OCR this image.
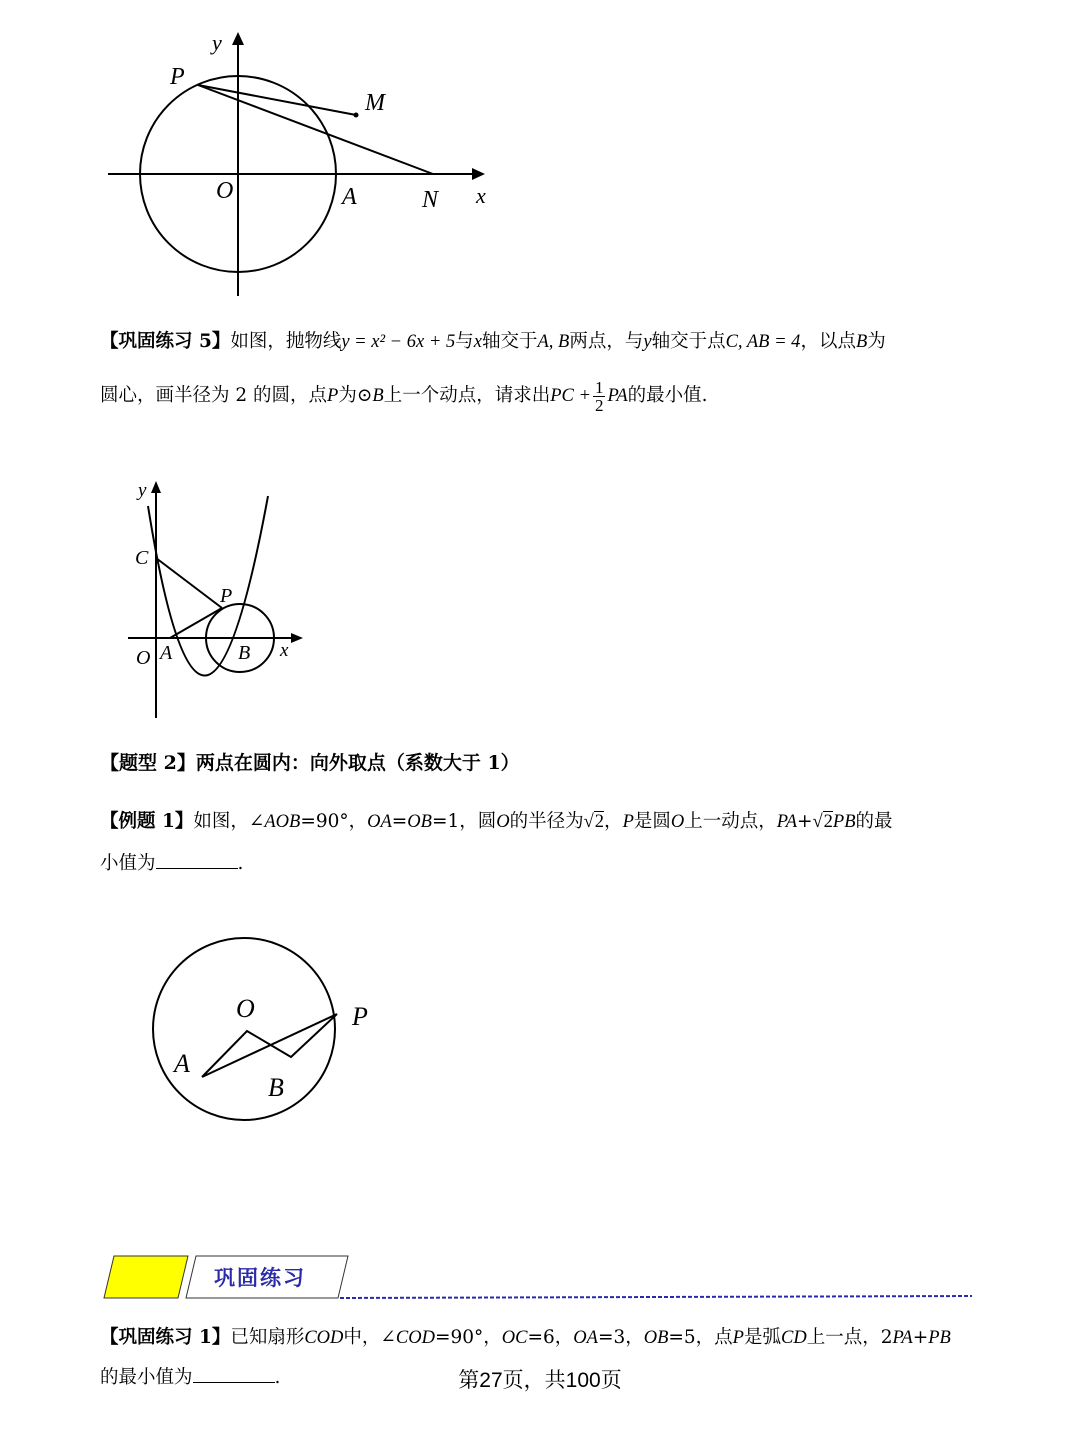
y
P
M
O	A	N x
【巩固练习 5】如图，抛物线y = x² − 6x + 5与x轴交于A, B两点，与y轴交于点C, AB = 4，以点B为
圆心，画半径为 2 的圆，点P为⊙B上一个动点，请求出PC + $\frac{1}{2}$ PA的最小值.
y
C
P
O A	B x
【题型 2】两点在圆内：向外取点（系数大于 1）
【例题 1】如图，∠AOB=90°，OA=OB=1，圆O的半径为√2，P是圆O上一动点，PA+√2PB的最
小值为	.
O	P
A
B
巩固练习
【巩固练习 1】已知扇形COD中，∠COD=90°，OC=6，OA=3，OB=5，点P是弧CD上一点，2PA+PB
的最小值为	.	第27页，共100页
